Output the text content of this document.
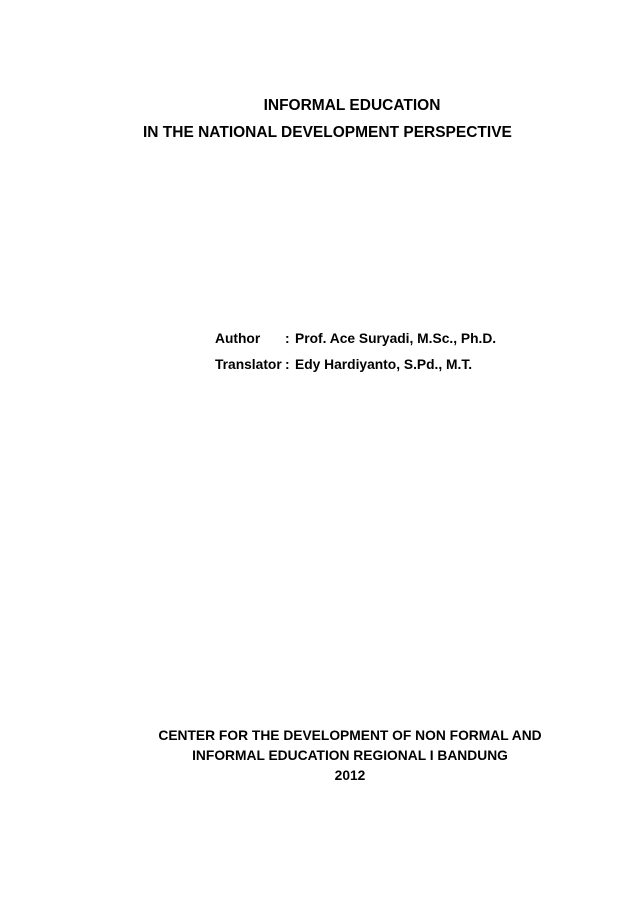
INFORMAL EDUCATION
IN THE NATIONAL DEVELOPMENT PERSPECTIVE
Author	: Prof. Ace Suryadi, M.Sc., Ph.D.
Translator : Edy Hardiyanto, S.Pd., M.T.
CENTER FOR THE DEVELOPMENT OF NON FORMAL AND
INFORMAL EDUCATION REGIONAL I BANDUNG
2012
